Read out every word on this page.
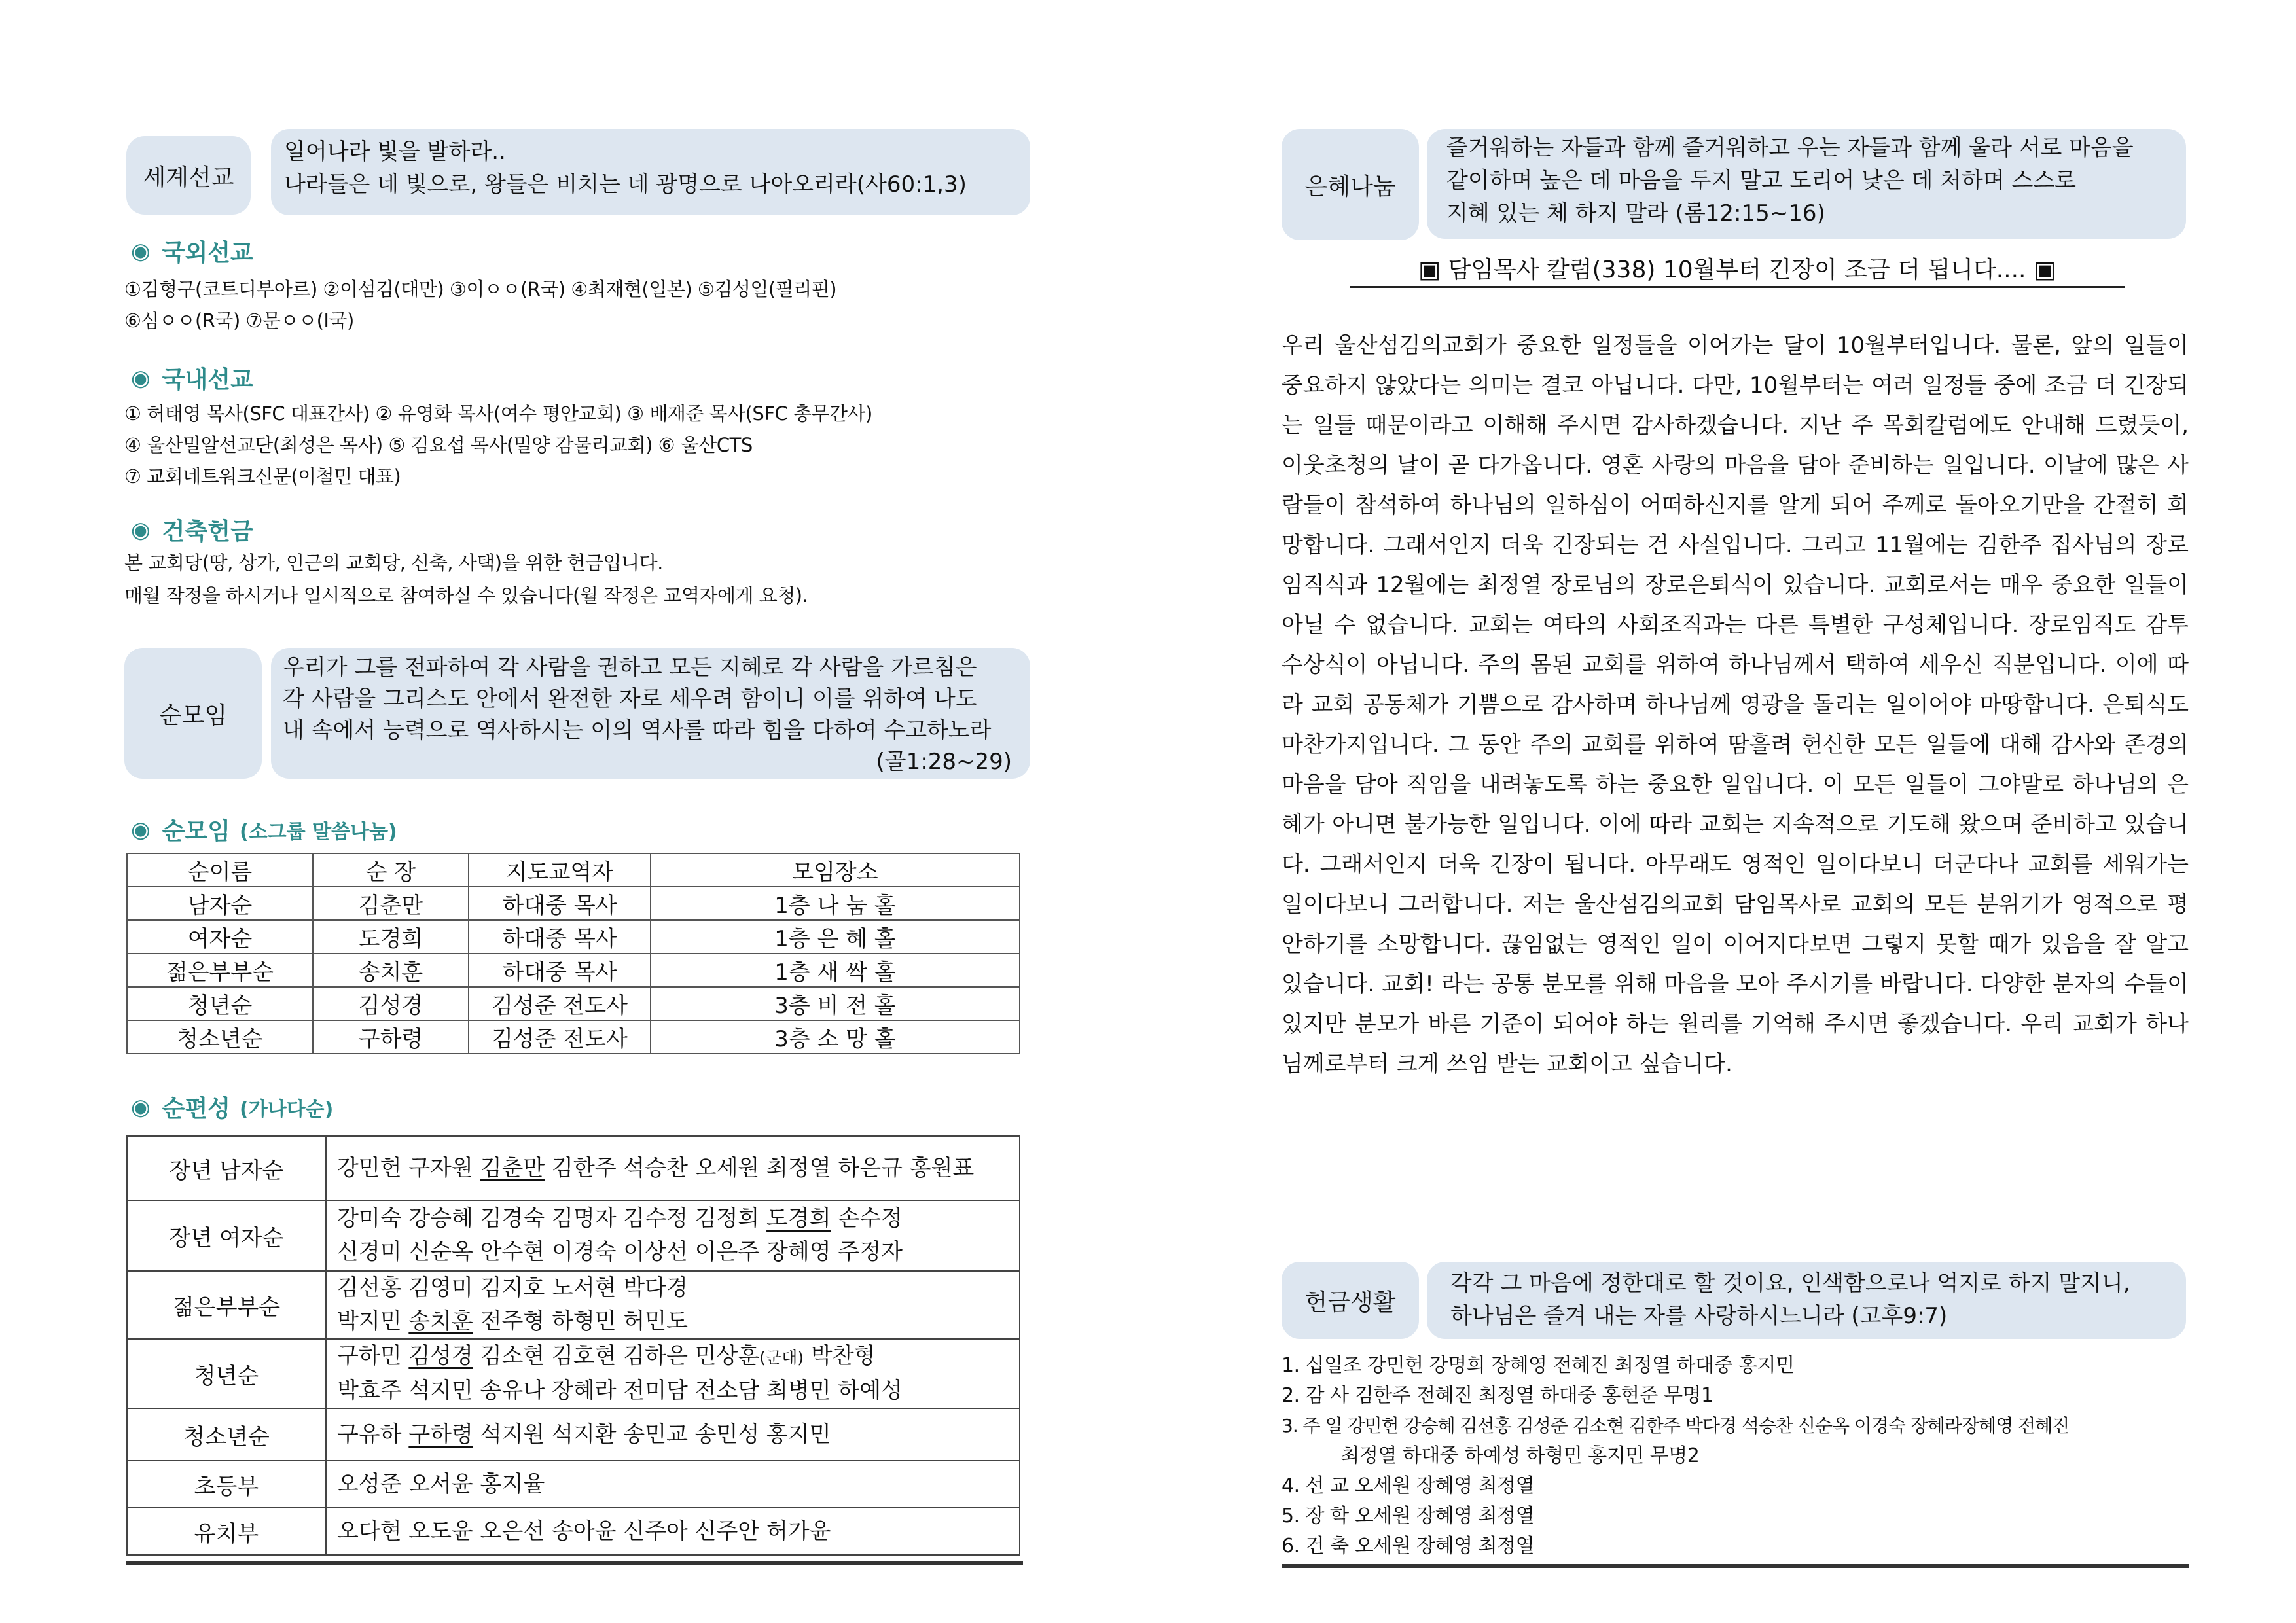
세계선교
일어나라 빛을 발하라..
나라들은 네 빛으로, 왕들은 비치는 네 광명으로 나아오리라(사60:1,3)
◉ 국외선교
①김형구(코트디부아르) ②이섬김(대만) ③이ㅇㅇ(R국) ④최재현(일본) ⑤김성일(필리핀)
⑥심ㅇㅇ(R국) ⑦문ㅇㅇ(I국)
◉ 국내선교
① 허태영 목사(SFC 대표간사) ② 유영화 목사(여수 평안교회) ③ 배재준 목사(SFC 총무간사)
④ 울산밀알선교단(최성은 목사) ⑤ 김요섭 목사(밀양 감물리교회) ⑥ 울산CTS
⑦ 교회네트워크신문(이철민 대표)
◉ 건축헌금
본 교회당(땅, 상가, 인근의 교회당, 신축, 사택)을 위한 헌금입니다.
매월 작정을 하시거나 일시적으로 참여하실 수 있습니다(월 작정은 교역자에게 요청).
순모임
우리가 그를 전파하여 각 사람을 권하고 모든 지혜로 각 사람을 가르침은
각 사람을 그리스도 안에서 완전한 자로 세우려 함이니 이를 위하여 나도
내 속에서 능력으로 역사하시는 이의 역사를 따라 힘을 다하여 수고하노라
(골1:28~29)
◉ 순모임 (소그룹 말씀나눔)
순이름	순 장	지도교역자	모임장소
남자순	김춘만	하대중 목사	1층 나 눔 홀
여자순	도경희	하대중 목사	1층 은 혜 홀
젊은부부순	송치훈	하대중 목사	1층 새 싹 홀
청년순	김성경	김성준 전도사	3층 비 전 홀
청소년순	구하령	김성준 전도사	3층 소 망 홀
◉ 순편성 (가나다순)
장년 남자순	강민헌 구자원 김춘만 김한주 석승찬 오세원 최정열 하은규 홍원표

장년 여자순	강미숙 강승혜 김경숙 김명자 김수정 김정희 도경희 손수정
신경미 신순옥 안수현 이경숙 이상선 이은주 장혜영 주정자

젊은부부순	김선홍 김영미 김지호 노서현 박다경
박지민 송치훈 전주형 하형민 허민도

청년순	구하민 김성경 김소현 김호현 김하은 민상훈(군대) 박찬형
박효주 석지민 송유나 장혜라 전미담 전소담 최병민 하예성

청소년순	구유하 구하령 석지원 석지환 송민교 송민성 홍지민

초등부	오성준 오서윤 홍지율

유치부	오다현 오도윤 오은선 송아윤 신주아 신주안 허가윤
은혜나눔
즐거워하는 자들과 함께 즐거워하고 우는 자들과 함께 울라 서로 마음을
같이하며 높은 데 마음을 두지 말고 도리어 낮은 데 처하며 스스로
지혜 있는 체 하지 말라 (롬12:15~16)
▣ 담임목사 칼럼(338) 10월부터 긴장이 조금 더 됩니다.... ▣

우리 울산섬김의교회가 중요한 일정들을 이어가는 달이 10월부터입니다. 물론, 앞의 일들이 중요하지 않았다는 의미는 결코 아닙니다. 다만, 10월부터는 여러 일정들 중에 조금 더 긴장되는 일들 때문이라고 이해해 주시면 감사하겠습니다. 지난 주 목회칼럼에도 안내해 드렸듯이, 이웃초청의 날이 곧 다가옵니다. 영혼 사랑의 마음을 담아 준비하는 일입니다. 이날에 많은 사람들이 참석하여 하나님의 일하심이 어떠하신지를 알게 되어 주께로 돌아오기만을 간절히 희망합니다. 그래서인지 더욱 긴장되는 건 사실입니다. 그리고 11월에는 김한주 집사님의 장로임직식과 12월에는 최정열 장로님의 장로은퇴식이 있습니다. 교회로서는 매우 중요한 일들이 아닐 수 없습니다. 교회는 여타의 사회조직과는 다른 특별한 구성체입니다. 장로임직도 감투 수상식이 아닙니다. 주의 몸된 교회를 위하여 하나님께서 택하여 세우신 직분입니다. 이에 따라 교회 공동체가 기쁨으로 감사하며 하나님께 영광을 돌리는 일이어야 마땅합니다. 은퇴식도 마찬가지입니다. 그 동안 주의 교회를 위하여 땀흘려 헌신한 모든 일들에 대해 감사와 존경의 마음을 담아 직임을 내려놓도록 하는 중요한 일입니다. 이 모든 일들이 그야말로 하나님의 은혜가 아니면 불가능한 일입니다. 이에 따라 교회는 지속적으로 기도해 왔으며 준비하고 있습니다. 그래서인지 더욱 긴장이 됩니다. 아무래도 영적인 일이다보니 더군다나 교회를 세워가는 일이다보니 그러합니다. 저는 울산섬김의교회 담임목사로 교회의 모든 분위기가 영적으로 평안하기를 소망합니다. 끊임없는 영적인 일이 이어지다보면 그렇지 못할 때가 있음을 잘 알고 있습니다. 교회! 라는 공통 분모를 위해 마음을 모아 주시기를 바랍니다. 다양한 분자의 수들이 있지만 분모가 바른 기준이 되어야 하는 원리를 기억해 주시면 좋겠습니다. 우리 교회가 하나님께로부터 크게 쓰임 받는 교회이고 싶습니다.

헌금생활
각각 그 마음에 정한대로 할 것이요, 인색함으로나 억지로 하지 말지니,
하나님은 즐겨 내는 자를 사랑하시느니라 (고후9:7)
1. 십일조 강민헌 강명희 장혜영 전혜진 최정열 하대중 홍지민
2. 감 사 김한주 전혜진 최정열 하대중 홍현준 무명1
3. 주 일 강민헌 강승혜 김선홍 김성준 김소현 김한주 박다경 석승찬 신순옥 이경숙 장혜라장혜영 전혜진
최정열 하대중 하예성 하형민 홍지민 무명2
4. 선 교 오세원 장혜영 최정열
5. 장 학 오세원 장혜영 최정열
6. 건 축 오세원 장혜영 최정열
